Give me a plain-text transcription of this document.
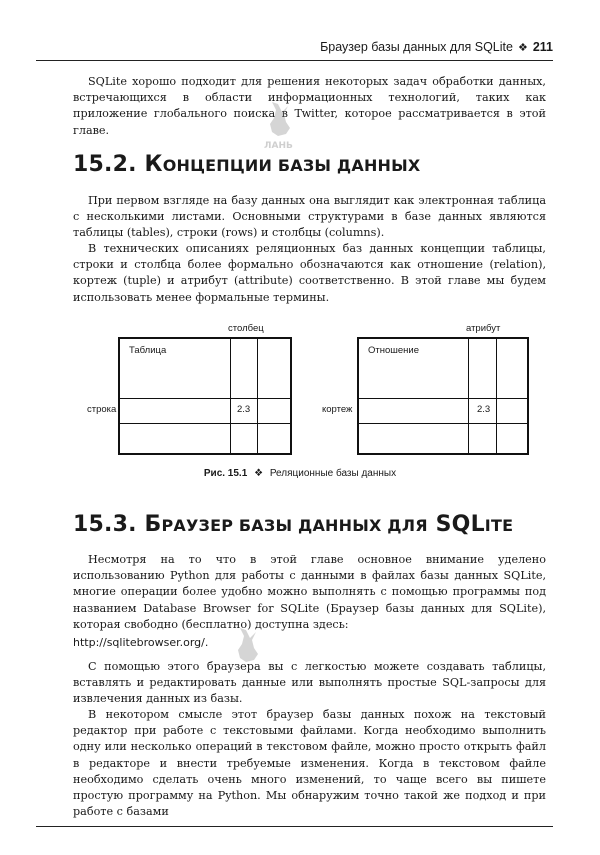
Браузер базы данных для SQLite ❖ 211

SQLite хорошо подходит для решения некоторых задач обработки данных, встречающихся в области информационных технологий, таких как приложение глобального поиска в Twitter, которое рассматривается в этой главе.

ЛАНЬ
15.2. КОНЦЕПЦИИ БАЗЫ ДАННЫХ

При первом взгляде на базу данных она выглядит как электронная таблица с несколькими листами. Основными структурами в базе данных являются таблицы (tables), строки (rows) и столбцы (columns).

В технических описаниях реляционных баз данных концепции таблицы, строки и столбца более формально обозначаются как отношение (relation), кортеж (tuple) и атрибут (attribute) соответственно. В этой главе мы будем использовать менее формальные термины.

столбец
строка
Таблица
2.3
атрибут
кортеж
Отношение
2.3
Рис. 15.1 ❖ Реляционные базы данных
15.3. БРАУЗЕР БАЗЫ ДАННЫХ ДЛЯ SQLITE

Несмотря на то что в этой главе основное внимание уделено использованию Python для работы с данными в файлах базы данных SQLite, многие операции более удобно можно выполнять с помощью программы под названием Database Browser for SQLite (Браузер базы данных для SQLite), которая свободно (бесплатно) доступна здесь:

http://sqlitebrowser.org/.

С помощью этого браузера вы с легкостью можете создавать таблицы, вставлять и редактировать данные или выполнять простые SQL-запросы для извлечения данных из базы.

В некотором смысле этот браузер базы данных похож на текстовый редактор при работе с текстовыми файлами. Когда необходимо выполнить одну или несколько операций в текстовом файле, можно просто открыть файл в редакторе и внести требуемые изменения. Когда в текстовом файле необходимо сделать очень много изменений, то чаще всего вы пишете простую программу на Python. Мы обнаружим точно такой же подход и при работе с базами
